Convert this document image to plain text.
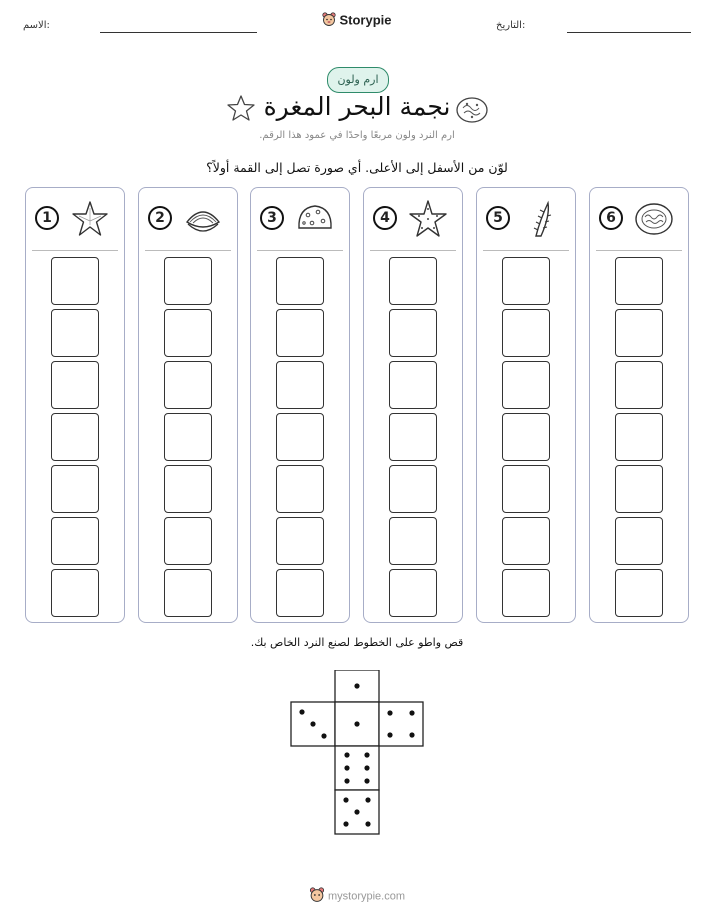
الاسم:	Storypie	التاريخ:
ارم ولون
نجمة البحر المغرة
ارم النرد ولون مربعًا واحدًا في عمود هذا الرقم.
لوّن من الأسفل إلى الأعلى. أي صورة تصل إلى القمة أولاً؟
1	2	3	4	5	6
قص واطو على الخطوط لصنع النرد الخاص بك.
mystorypie.com
